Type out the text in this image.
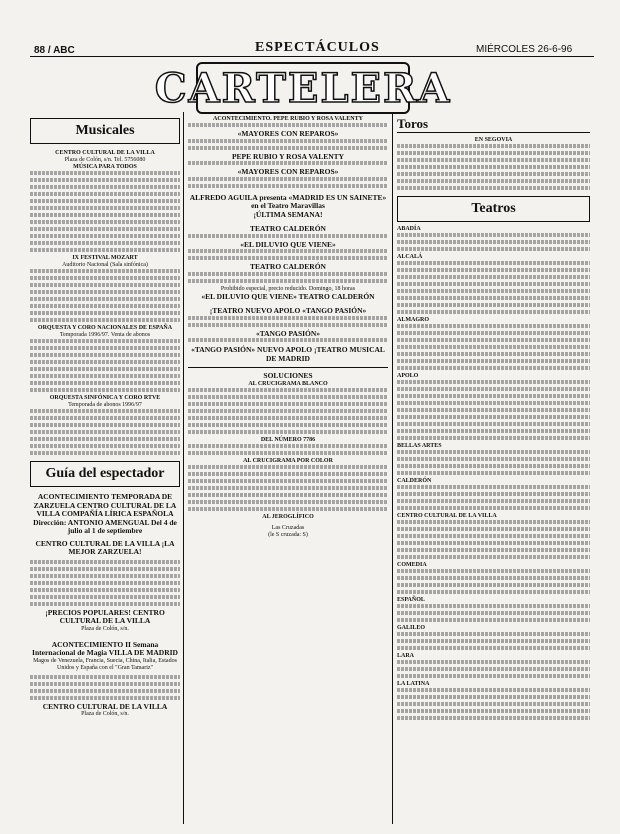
88 / ABC	ESPECTÁCULOS	MIÉRCOLES 26-6-96
CARTELERA
Musicales
CENTRO CULTURAL DE LA VILLA
Plaza de Colón, s/n. Tel. 5756080
MÚSICA PARA TODOS
IX FESTIVAL MOZART
Auditorio Nacional (Sala sinfónica)
ORQUESTA Y CORO NACIONALES DE ESPAÑA
Temporada 1996/97. Venta de abonos
ORQUESTA SINFÓNICA Y CORO RTVE
Temporada de abonos 1996/97
Guía del espectador
ACONTECIMIENTO TEMPORADA DE ZARZUELA CENTRO CULTURAL DE LA VILLA COMPAÑÍA LÍRICA ESPAÑOLA Dirección: ANTONIO AMENGUAL Del 4 de julio al 1 de septiembre
CENTRO CULTURAL DE LA VILLA ¡LA MEJOR ZARZUELA!
¡PRECIOS POPULARES! CENTRO CULTURAL DE LA VILLA
Plaza de Colón, s/n.
ACONTECIMIENTO II Semana Internacional de Magia VILLA DE MADRID
Magos de Venezuela, Francia, Suecia, China, Italia, Estados Unidos y España con el "Gran Tamariz"
CENTRO CULTURAL DE LA VILLA
Plaza de Colón, s/n.
ACONTECIMIENTO. PEPE RUBIO Y ROSA VALENTY
«MAYORES CON REPAROS»
PEPE RUBIO Y ROSA VALENTY
«MAYORES CON REPAROS»
ALFREDO AGUILA presenta «MADRID ES UN SAINETE» en el Teatro Maravillas
¡ÚLTIMA SEMANA!
TEATRO CALDERÓN
«EL DILUVIO QUE VIENE»
TEATRO CALDERÓN
Prohibido especial, precio reducido. Domingo, 18 horas
«EL DILUVIO QUE VIENE» TEATRO CALDERÓN
¡TEATRO NUEVO APOLO «TANGO PASIÓN»
«TANGO PASIÓN»
«TANGO PASIÓN» NUEVO APOLO ¡TEATRO MUSICAL DE MADRID
SOLUCIONES
AL CRUCIGRAMA BLANCO
DEL NÚMERO 7786
AL CRUCIGRAMA POR COLOR
AL JEROGLÍFICO
Las Cruzadas
(le S cruzada: S)
Toros
EN SEGOVIA
Teatros
ABADÍA
ALCALÁ
ALMAGRO
APOLO
BELLAS ARTES
CALDERÓN
CENTRO CULTURAL DE LA VILLA
COMEDIA
ESPAÑOL
GALILEO
LARA
LA LATINA
